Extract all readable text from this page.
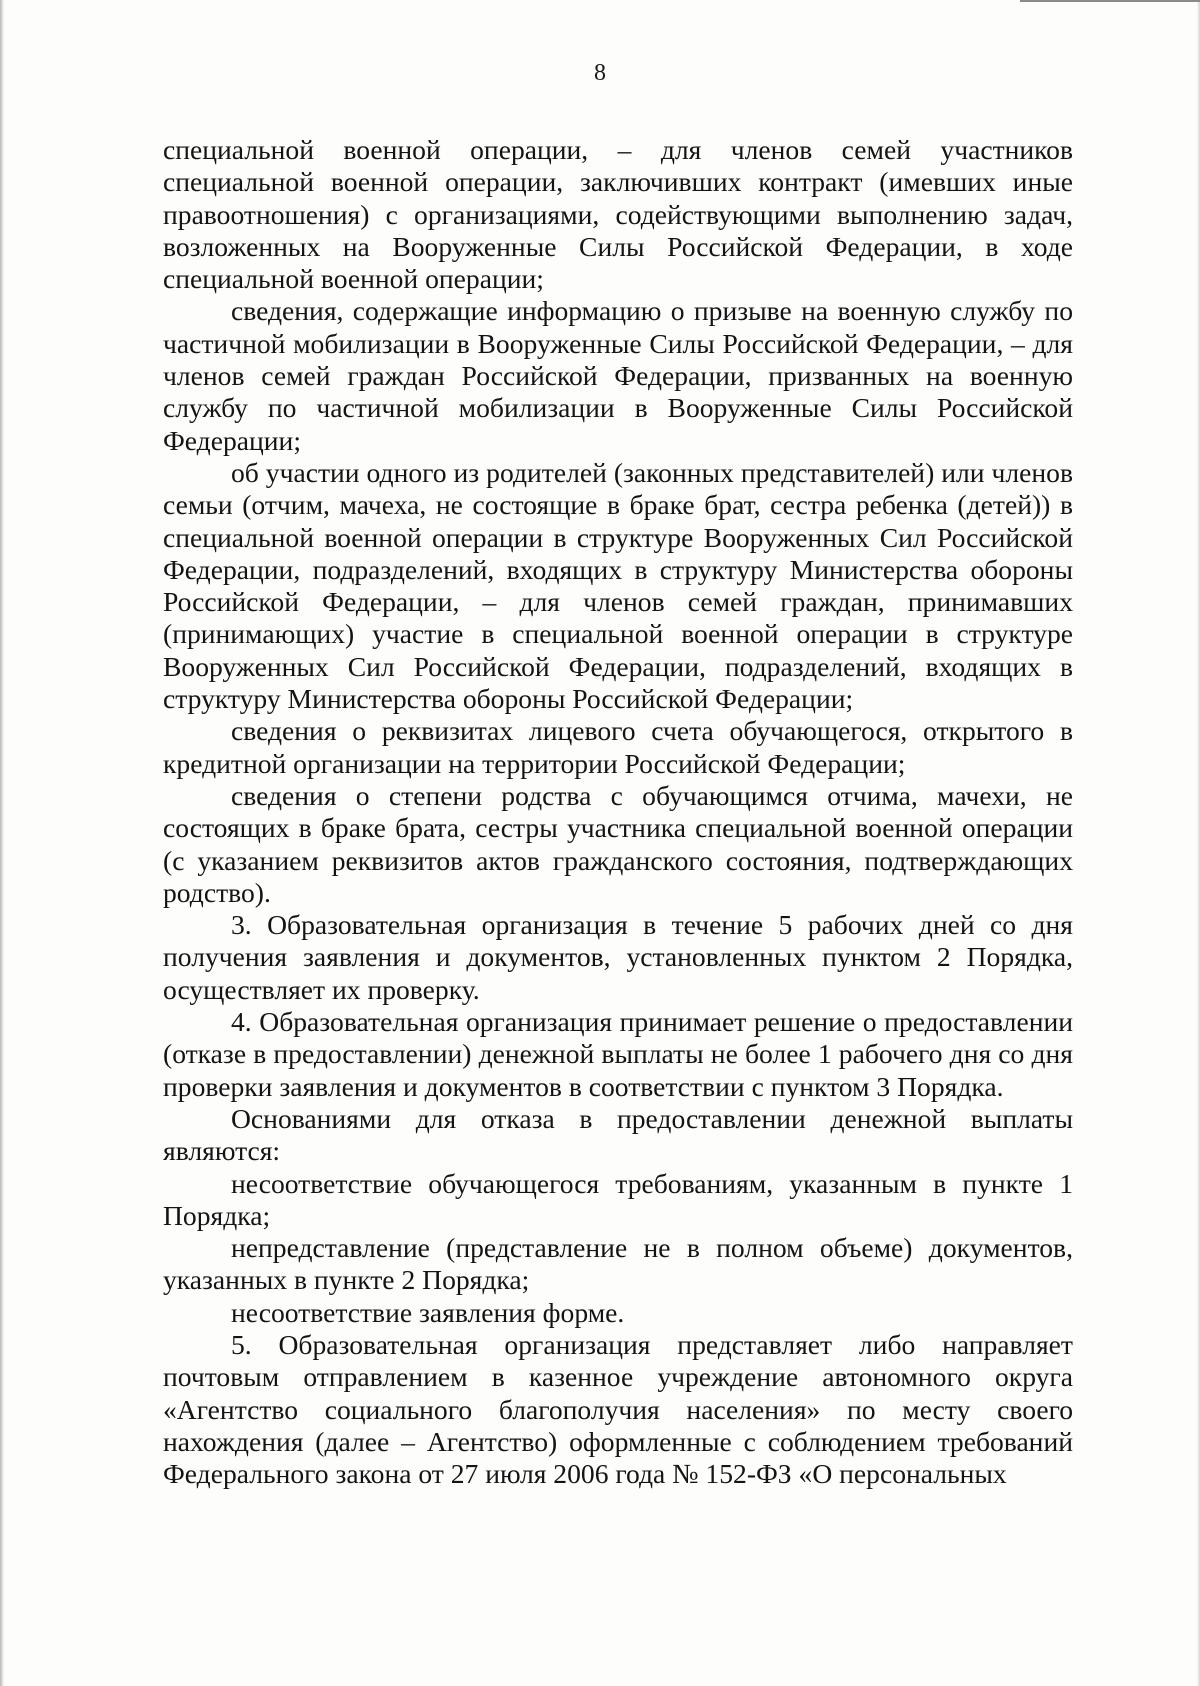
8

специальной военной операции, – для членов семей участников специальной военной операции, заключивших контракт (имевших иные правоотношения) с организациями, содействующими выполнению задач, возложенных на Вооруженные Силы Российской Федерации, в ходе специальной военной операции;

сведения, содержащие информацию о призыве на военную службу по частичной мобилизации в Вооруженные Силы Российской Федерации, – для членов семей граждан Российской Федерации, призванных на военную службу по частичной мобилизации в Вооруженные Силы Российской Федерации;

об участии одного из родителей (законных представителей) или членов семьи (отчим, мачеха, не состоящие в браке брат, сестра ребенка (детей)) в специальной военной операции в структуре Вооруженных Сил Российской Федерации, подразделений, входящих в структуру Министерства обороны Российской Федерации, – для членов семей граждан, принимавших (принимающих) участие в специальной военной операции в структуре Вооруженных Сил Российской Федерации, подразделений, входящих в структуру Министерства обороны Российской Федерации;

сведения о реквизитах лицевого счета обучающегося, открытого в кредитной организации на территории Российской Федерации;

сведения о степени родства с обучающимся отчима, мачехи, не состоящих в браке брата, сестры участника специальной военной операции (с указанием реквизитов актов гражданского состояния, подтверждающих родство).

3. Образовательная организация в течение 5 рабочих дней со дня получения заявления и документов, установленных пунктом 2 Порядка, осуществляет их проверку.

4. Образовательная организация принимает решение о предоставлении (отказе в предоставлении) денежной выплаты не более 1 рабочего дня со дня проверки заявления и документов в соответствии с пунктом 3 Порядка.

Основаниями для отказа в предоставлении денежной выплаты являются:

несоответствие обучающегося требованиям, указанным в пункте 1 Порядка;

непредставление (представление не в полном объеме) документов, указанных в пункте 2 Порядка;

несоответствие заявления форме.

5. Образовательная организация представляет либо направляет почтовым отправлением в казенное учреждение автономного округа «Агентство социального благополучия населения» по месту своего нахождения (далее – Агентство) оформленные с соблюдением требований Федерального закона от 27 июля 2006 года № 152-ФЗ «О персональных
